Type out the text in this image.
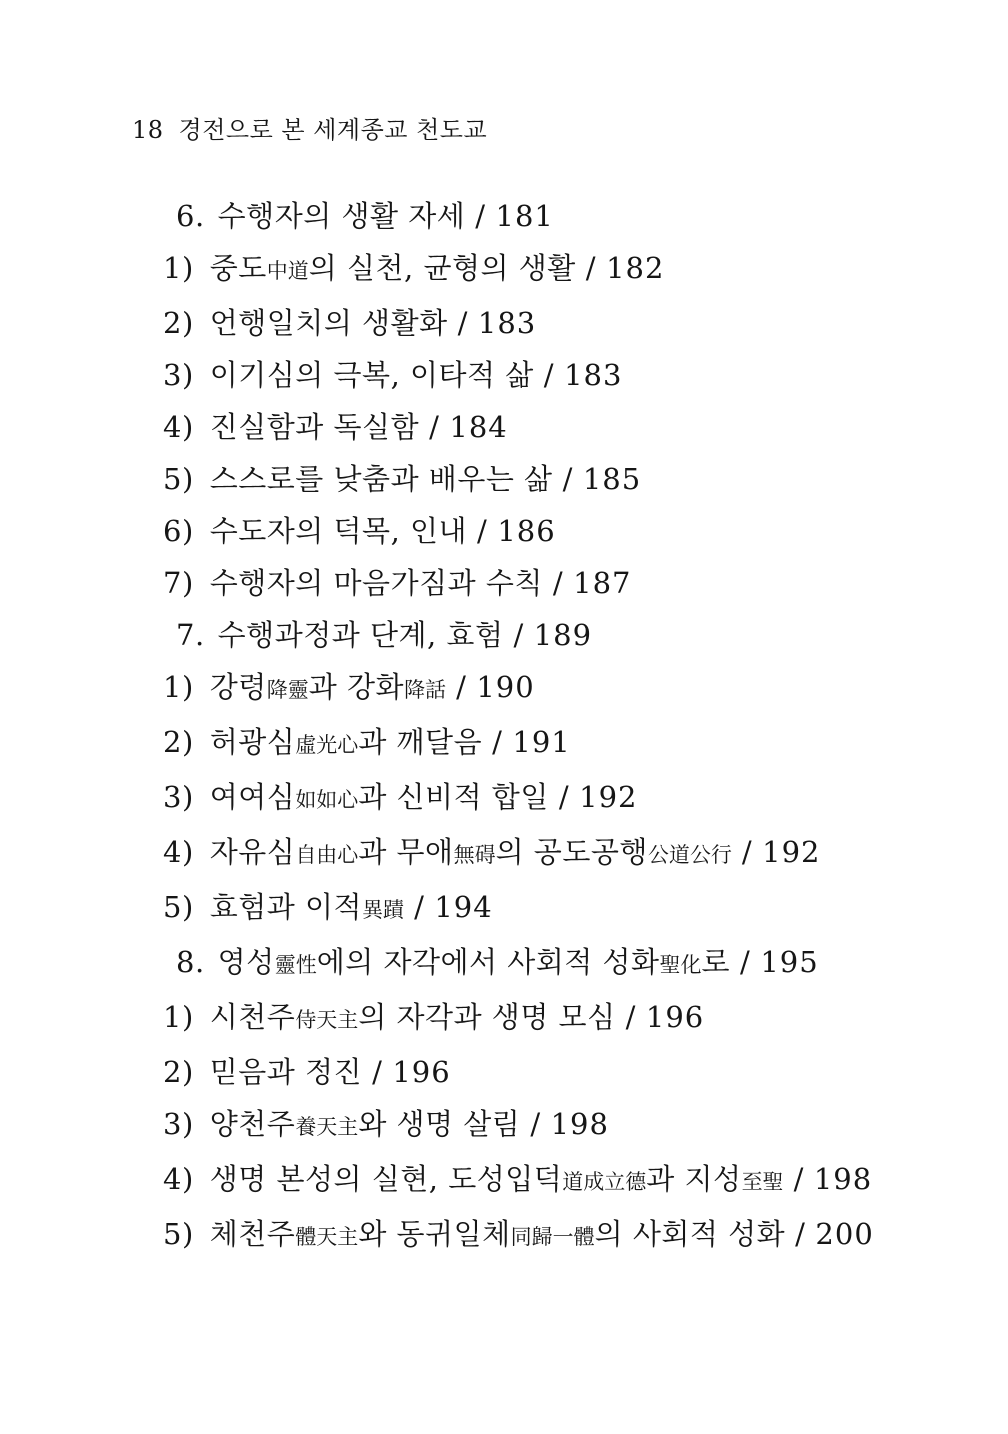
18 경전으로 본 세계종교 천도교
6. 수행자의 생활 자세 / 181
1) 중도中道의 실천, 균형의 생활 / 182
2) 언행일치의 생활화 / 183
3) 이기심의 극복, 이타적 삶 / 183
4) 진실함과 독실함 / 184
5) 스스로를 낮춤과 배우는 삶 / 185
6) 수도자의 덕목, 인내 / 186
7) 수행자의 마음가짐과 수칙 / 187
7. 수행과정과 단계, 효험 / 189
1) 강령降靈과 강화降話 / 190
2) 허광심虛光心과 깨달음 / 191
3) 여여심如如心과 신비적 합일 / 192
4) 자유심自由心과 무애無碍의 공도공행公道公行 / 192
5) 효험과 이적異蹟 / 194
8. 영성靈性에의 자각에서 사회적 성화聖化로 / 195
1) 시천주侍天主의 자각과 생명 모심 / 196
2) 믿음과 정진 / 196
3) 양천주養天主와 생명 살림 / 198
4) 생명 본성의 실현, 도성입덕道成立德과 지성至聖 / 198
5) 체천주體天主와 동귀일체同歸一體의 사회적 성화 / 200
